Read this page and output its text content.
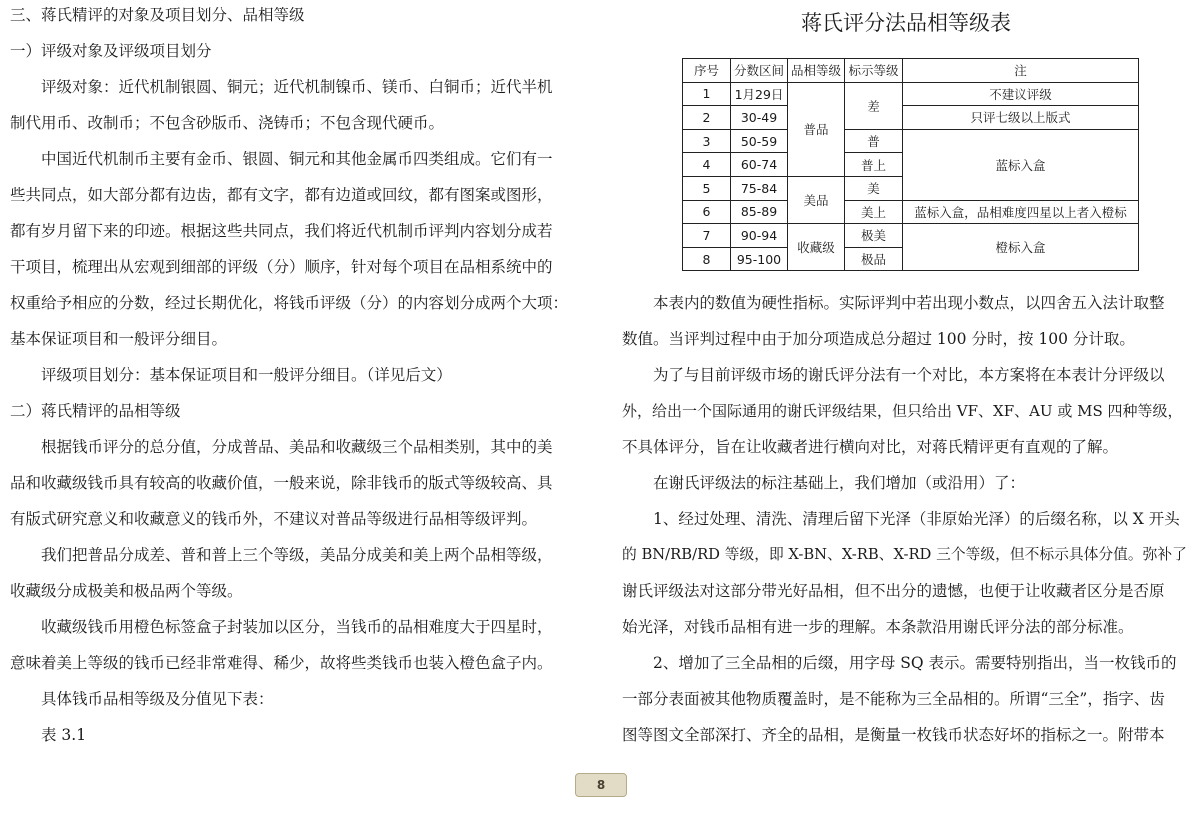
三、蒋氏精评的对象及项目划分、品相等级
一）评级对象及评级项目划分
评级对象：近代机制银圆、铜元；近代机制镍币、镁币、白铜币；近代半机
制代用币、改制币；不包含砂版币、浇铸币；不包含现代硬币。
中国近代机制币主要有金币、银圆、铜元和其他金属币四类组成。它们有一
些共同点，如大部分都有边齿，都有文字，都有边道或回纹，都有图案或图形，
都有岁月留下来的印迹。根据这些共同点，我们将近代机制币评判内容划分成若
干项目，梳理出从宏观到细部的评级（分）顺序，针对每个项目在品相系统中的
权重给予相应的分数，经过长期优化，将钱币评级（分）的内容划分成两个大项：
基本保证项目和一般评分细目。
评级项目划分：基本保证项目和一般评分细目。（详见后文）
二）蒋氏精评的品相等级
根据钱币评分的总分值，分成普品、美品和收藏级三个品相类别，其中的美
品和收藏级钱币具有较高的收藏价值，一般来说，除非钱币的版式等级较高、具
有版式研究意义和收藏意义的钱币外，不建议对普品等级进行品相等级评判。
我们把普品分成差、普和普上三个等级，美品分成美和美上两个品相等级，
收藏级分成极美和极品两个等级。
收藏级钱币用橙色标签盒子封装加以区分，当钱币的品相难度大于四星时，
意味着美上等级的钱币已经非常难得、稀少，故将些类钱币也装入橙色盒子内。
具体钱币品相等级及分值见下表：
表 3.1
蒋氏评分法品相等级表
序号	分数区间	品相等级	标示等级	注
1	1月29日	普品	差	不建议评级
2	30-49			只评七级以上版式
3	50-59		普	蓝标入盒
4	60-74		普上	
5	75-84	美品	美	
6	85-89		美上	蓝标入盒，品相难度四星以上者入橙标
7	90-94	收藏级	极美	橙标入盒
8	95-100		极品	
本表内的数值为硬性指标。实际评判中若出现小数点，以四舍五入法计取整
数值。当评判过程中由于加分项造成总分超过 100 分时，按 100 分计取。
为了与目前评级市场的谢氏评分法有一个对比，本方案将在本表计分评级以
外，给出一个国际通用的谢氏评级结果，但只给出 VF、XF、AU 或 MS 四种等级，
不具体评分，旨在让收藏者进行横向对比，对蒋氏精评更有直观的了解。
在谢氏评级法的标注基础上，我们增加（或沿用）了：
1、经过处理、清洗、清理后留下光泽（非原始光泽）的后缀名称，以 X 开头
的 BN/RB/RD 等级，即 X-BN、X-RB、X-RD 三个等级，但不标示具体分值。弥补了
谢氏评级法对这部分带光好品相，但不出分的遗憾，也便于让收藏者区分是否原
始光泽，对钱币品相有进一步的理解。本条款沿用谢氏评分法的部分标准。
2、增加了三全品相的后缀，用字母 SQ 表示。需要特别指出，当一枚钱币的
一部分表面被其他物质覆盖时，是不能称为三全品相的。所谓“三全”，指字、齿
图等图文全部深打、齐全的品相，是衡量一枚钱币状态好坏的指标之一。附带本
8
